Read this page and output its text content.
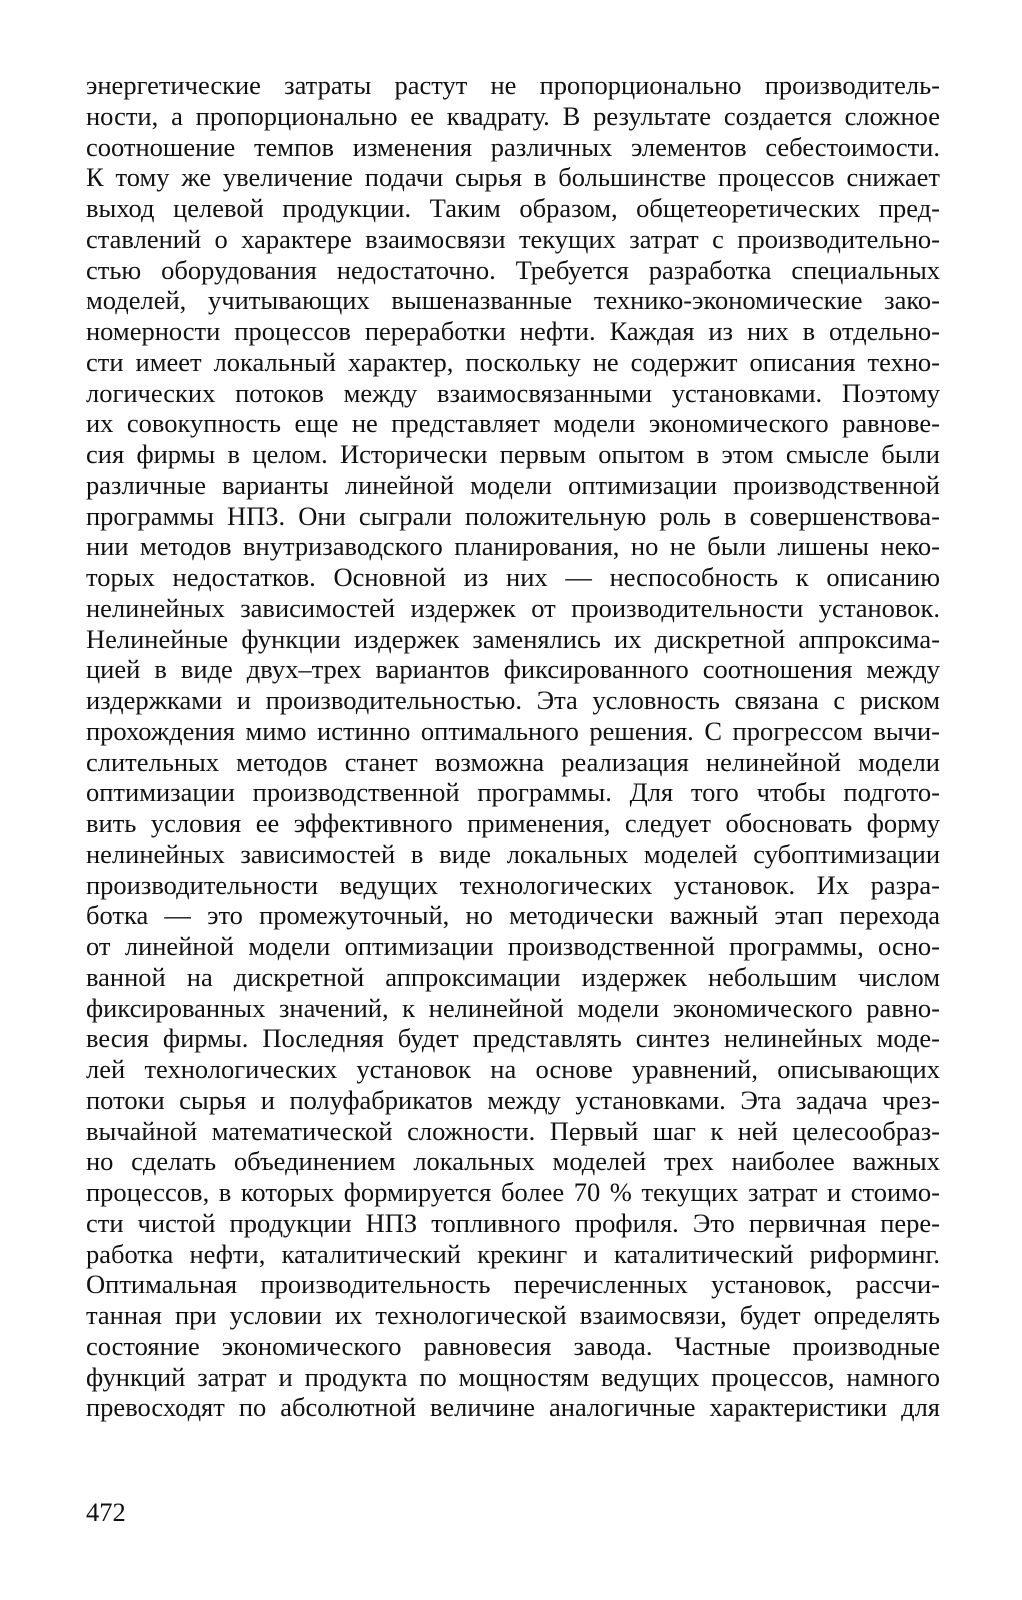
энергетические затраты растут не пропорционально производитель-
ности, а пропорционально ее квадрату. В результате создается сложное
соотношение темпов изменения различных элементов себестоимости.
К тому же увеличение подачи сырья в большинстве процессов снижает
выход целевой продукции. Таким образом, общетеоретических пред-
ставлений о характере взаимосвязи текущих затрат с производительно-
стью оборудования недостаточно. Требуется разработка специальных
моделей, учитывающих вышеназванные технико-экономические зако-
номерности процессов переработки нефти. Каждая из них в отдельно-
сти имеет локальный характер, поскольку не содержит описания техно-
логических потоков между взаимосвязанными установками. Поэтому
их совокупность еще не представляет модели экономического равнове-
сия фирмы в целом. Исторически первым опытом в этом смысле были
различные варианты линейной модели оптимизации производственной
программы НПЗ. Они сыграли положительную роль в совершенствова-
нии методов внутризаводского планирования, но не были лишены неко-
торых недостатков. Основной из них — неспособность к описанию
нелинейных зависимостей издержек от производительности установок.
Нелинейные функции издержек заменялись их дискретной аппроксима-
цией в виде двух–трех вариантов фиксированного соотношения между
издержками и производительностью. Эта условность связана с риском
прохождения мимо истинно оптимального решения. С прогрессом вычи-
слительных методов станет возможна реализация нелинейной модели
оптимизации производственной программы. Для того чтобы подгото-
вить условия ее эффективного применения, следует обосновать форму
нелинейных зависимостей в виде локальных моделей субоптимизации
производительности ведущих технологических установок. Их разра-
ботка — это промежуточный, но методически важный этап перехода
от линейной модели оптимизации производственной программы, осно-
ванной на дискретной аппроксимации издержек небольшим числом
фиксированных значений, к нелинейной модели экономического равно-
весия фирмы. Последняя будет представлять синтез нелинейных моде-
лей технологических установок на основе уравнений, описывающих
потоки сырья и полуфабрикатов между установками. Эта задача чрез-
вычайной математической сложности. Первый шаг к ней целесообраз-
но сделать объединением локальных моделей трех наиболее важных
процессов, в которых формируется более 70 % текущих затрат и стоимо-
сти чистой продукции НПЗ топливного профиля. Это первичная пере-
работка нефти, каталитический крекинг и каталитический риформинг.
Оптимальная производительность перечисленных установок, рассчи-
танная при условии их технологической взаимосвязи, будет определять
состояние экономического равновесия завода. Частные производные
функций затрат и продукта по мощностям ведущих процессов, намного
превосходят по абсолютной величине аналогичные характеристики для
472
